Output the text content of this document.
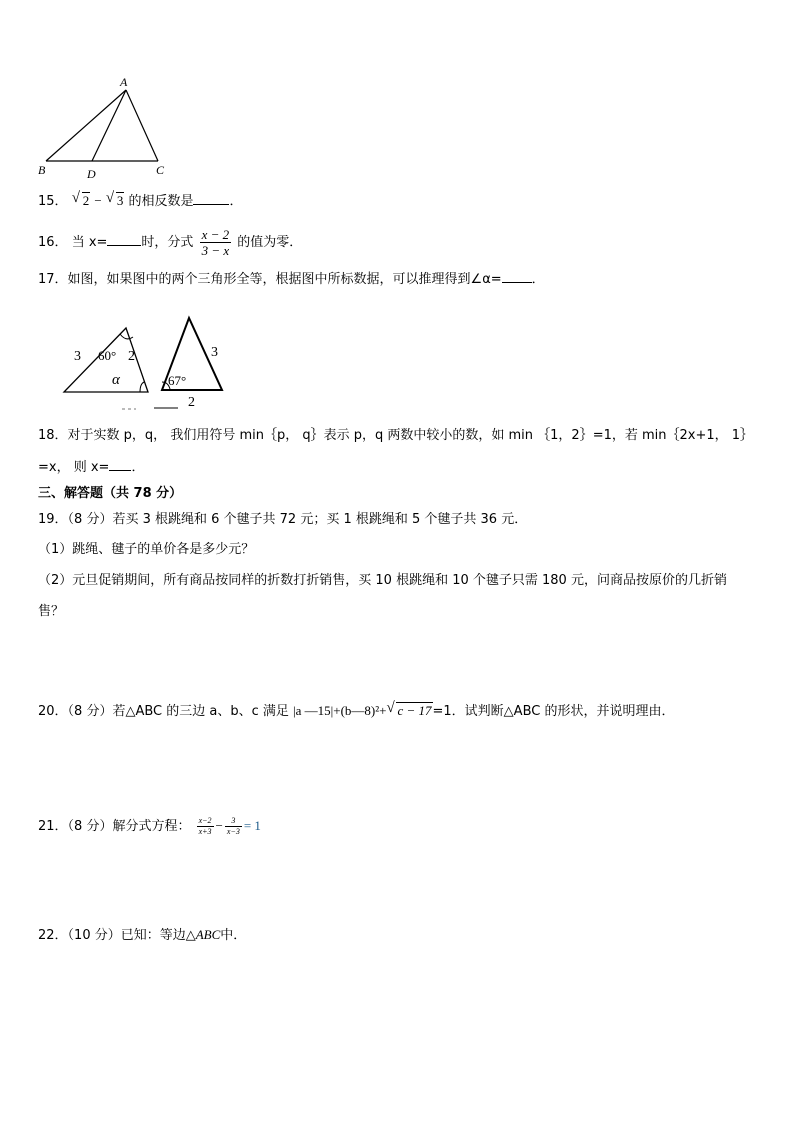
A
B	D	C
15． √ 2 − √ 3 的相反数是	．
16． 当 x=	时，分式 $\frac{x - 2}{3 - x}$ 的值为零．
17．如图，如果图中的两个三角形全等，根据图中所标数据，可以推理得到∠α= ．
3	2
60°
α
3
67°
2
18．对于实数 p，q， 我们用符号 min｛p， q｝表示 p，q 两数中较小的数，如 min ｛1，2｝=1，若 min｛2x+1， 1｝
=x， 则 x= ．
三、解答题（共 78 分）
19．（8 分）若买 3 根跳绳和 6 个毽子共 72 元；买 1 根跳绳和 5 个毽子共 36 元．
（1）跳绳、毽子的单价各是多少元？
（2）元旦促销期间，所有商品按同样的折数打折销售，买 10 根跳绳和 10 个毽子只需 180 元，问商品按原价的几折销
售？
20．（8 分）若△ABC 的三边 a、b、c 满足 |a —15|+(b—8)²+ √ c − 17=1．试判断△ABC 的形状，并说明理由．
21．（8 分）解分式方程： $\frac{x-2}{x+3} - \frac{3}{x-3} = 1$
22．（10 分）已知：等边△ABC中．
